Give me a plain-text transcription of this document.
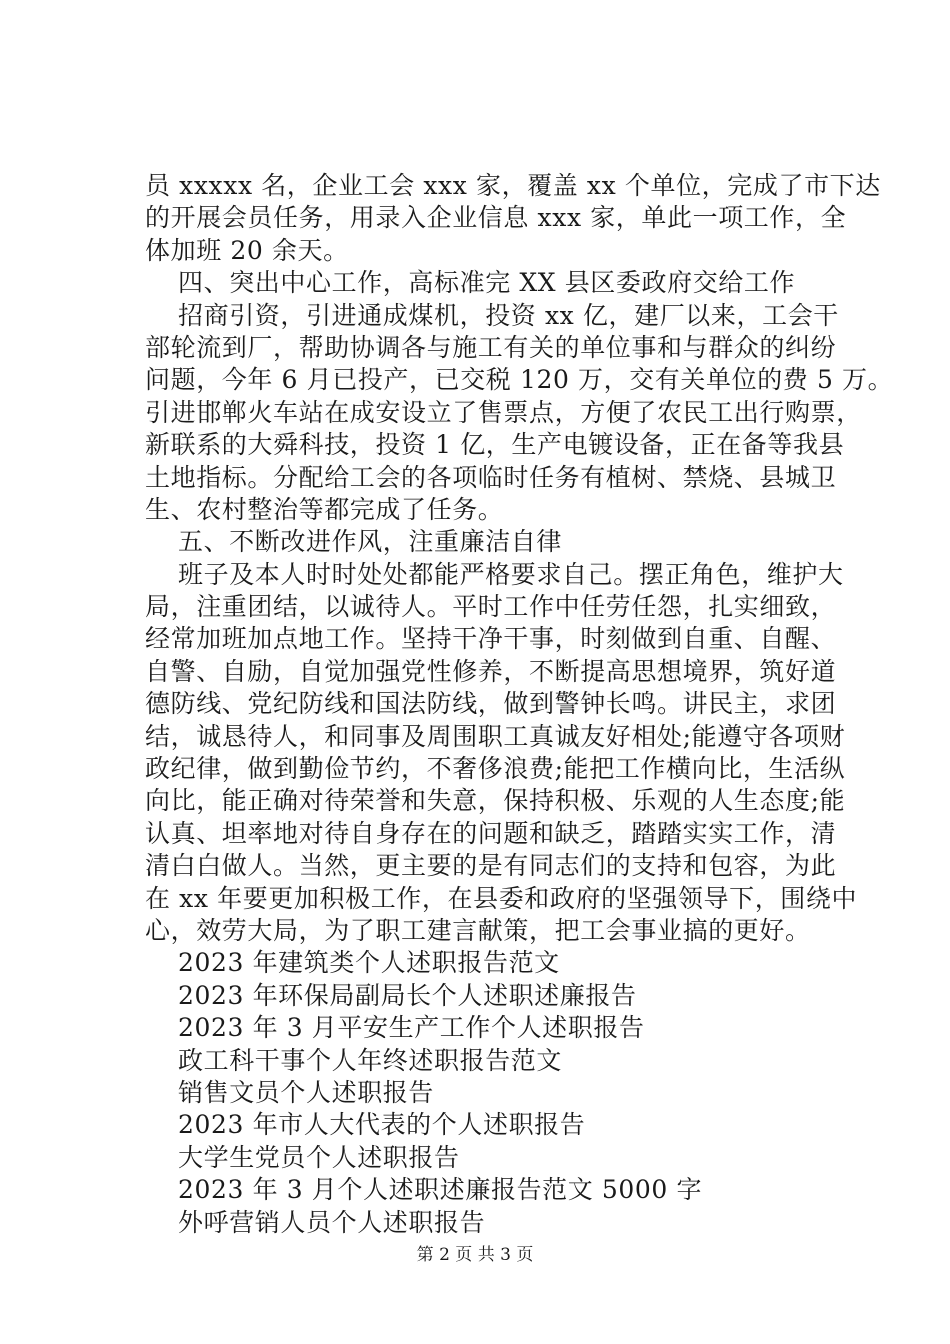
员 xxxxx 名，企业工会 xxx 家，覆盖 xx 个单位，完成了市下达
的开展会员任务，用录入企业信息 xxx 家，单此一项工作，全
体加班 20 余天。
四、突出中心工作，高标准完 XX 县区委政府交给工作
招商引资，引进通成煤机，投资 xx 亿，建厂以来，工会干
部轮流到厂，帮助协调各与施工有关的单位事和与群众的纠纷
问题，今年 6 月已投产，已交税 120 万，交有关单位的费 5 万。
引进邯郸火车站在成安设立了售票点，方便了农民工出行购票，
新联系的大舜科技，投资 1 亿，生产电镀设备，正在备等我县
土地指标。分配给工会的各项临时任务有植树、禁烧、县城卫
生、农村整治等都完成了任务。
五、不断改进作风，注重廉洁自律
班子及本人时时处处都能严格要求自己。摆正角色，维护大
局，注重团结，以诚待人。平时工作中任劳任怨，扎实细致，
经常加班加点地工作。坚持干净干事，时刻做到自重、自醒、
自警、自励，自觉加强党性修养，不断提高思想境界，筑好道
德防线、党纪防线和国法防线，做到警钟长鸣。讲民主，求团
结，诚恳待人，和同事及周围职工真诚友好相处;能遵守各项财
政纪律，做到勤俭节约，不奢侈浪费;能把工作横向比，生活纵
向比，能正确对待荣誉和失意，保持积极、乐观的人生态度;能
认真、坦率地对待自身存在的问题和缺乏，踏踏实实工作，清
清白白做人。当然，更主要的是有同志们的支持和包容，为此
在 xx 年要更加积极工作，在县委和政府的坚强领导下，围绕中
心，效劳大局，为了职工建言献策，把工会事业搞的更好。
2023 年建筑类个人述职报告范文
2023 年环保局副局长个人述职述廉报告
2023 年 3 月平安生产工作个人述职报告
政工科干事个人年终述职报告范文
销售文员个人述职报告
2023 年市人大代表的个人述职报告
大学生党员个人述职报告
2023 年 3 月个人述职述廉报告范文 5000 字
外呼营销人员个人述职报告
第 2 页 共 3 页
